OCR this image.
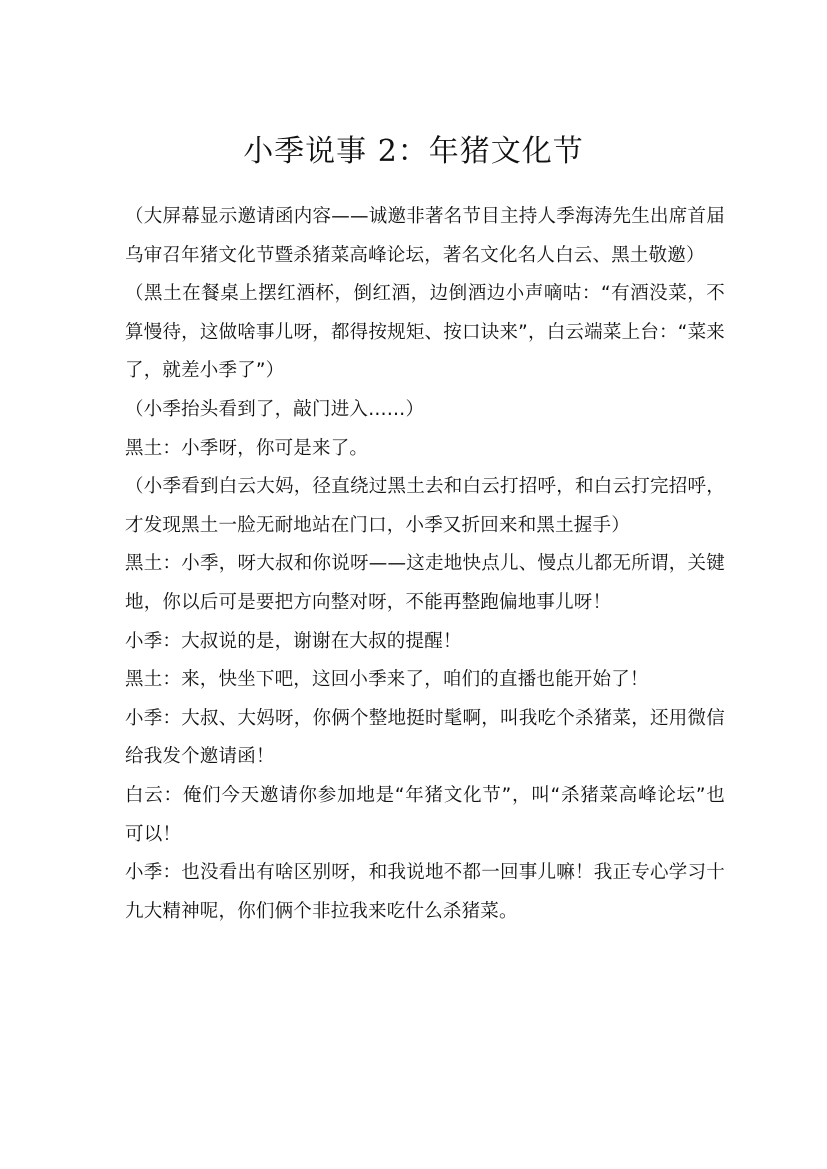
小季说事 2：年猪文化节

（大屏幕显示邀请函内容——诚邀非著名节目主持人季海涛先生出席首届乌审召年猪文化节暨杀猪菜高峰论坛，著名文化名人白云、黑土敬邀）

（黑土在餐桌上摆红酒杯，倒红酒，边倒酒边小声嘀咕：“有酒没菜，不算慢待，这做啥事儿呀，都得按规矩、按口诀来”，白云端菜上台：“菜来了，就差小季了”）

（小季抬头看到了，敲门进入……）

黑土：小季呀，你可是来了。

（小季看到白云大妈，径直绕过黑土去和白云打招呼，和白云打完招呼，才发现黑土一脸无耐地站在门口，小季又折回来和黑土握手）

黑土：小季，呀大叔和你说呀——这走地快点儿、慢点儿都无所谓，关键地，你以后可是要把方向整对呀，不能再整跑偏地事儿呀！

小季：大叔说的是，谢谢在大叔的提醒！

黑土：来，快坐下吧，这回小季来了，咱们的直播也能开始了！

小季：大叔、大妈呀，你俩个整地挺时髦啊，叫我吃个杀猪菜，还用微信给我发个邀请函！

白云：俺们今天邀请你参加地是“年猪文化节”，叫“杀猪菜高峰论坛”也可以！

小季：也没看出有啥区别呀，和我说地不都一回事儿嘛！我正专心学习十九大精神呢，你们俩个非拉我来吃什么杀猪菜。
